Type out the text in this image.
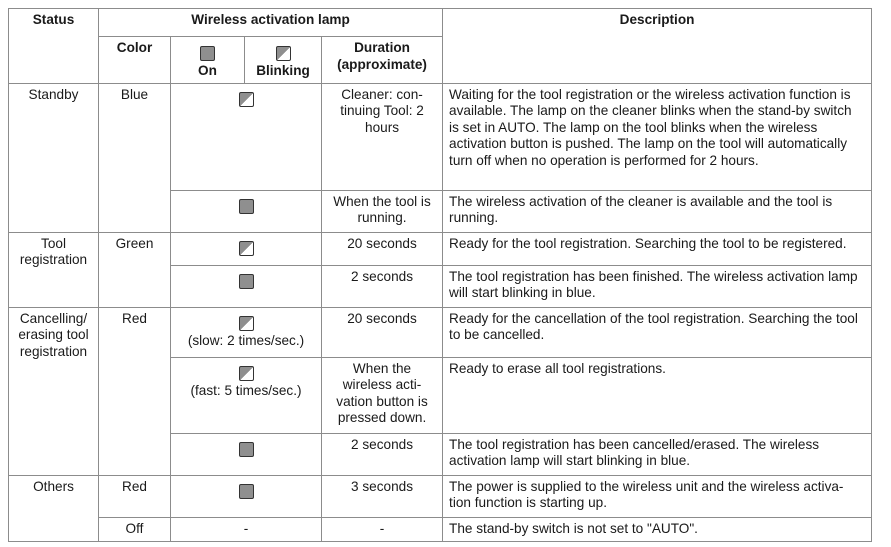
Status	Wireless activation lamp				Description
	Color	On	Blinking	Duration (approximate)	
Standby	Blue			Cleaner: con-tinuing Tool: 2 hours	Waiting for the tool registration or the wireless activation function is available. The lamp on the cleaner blinks when the stand-by switch is set in AUTO. The lamp on the tool blinks when the wireless activation button is pushed. The lamp on the tool will automatically turn off when no operation is performed for 2 hours.

				When the tool is running.	The wireless activation of the cleaner is available and the tool is running.
Tool registration	Green			20 seconds	Ready for the tool registration. Searching the tool to be registered.

				2 seconds	The tool registration has been finished. The wireless activation lamp will start blinking in blue.
Cancelling/ erasing tool registration	Red	(slow: 2 times/sec.)		20 seconds	Ready for the cancellation of the tool registration. Searching the tool to be cancelled.

		(fast: 5 times/sec.)		When the wireless acti-vation button is pressed down.	Ready to erase all tool registrations.

				2 seconds	The tool registration has been cancelled/erased. The wireless activation lamp will start blinking in blue.
Others	Red			3 seconds	The power is supplied to the wireless unit and the wireless activa-tion function is starting up.
	Off	-		-	The stand-by switch is not set to "AUTO".
